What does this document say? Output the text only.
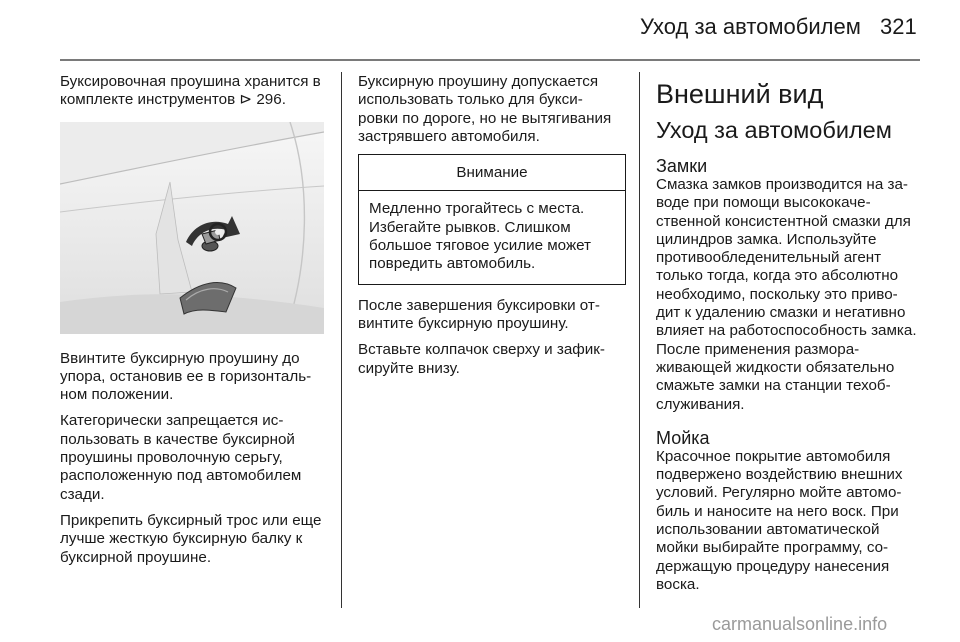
Уход за автомобилем 321

Буксировочная проушина хранится в комплекте инструментов ⊳ 296.

Ввинтите буксирную проушину до упора, остановив ее в горизонталь- ном положении.

Категорически запрещается ис- пользовать в качестве буксирной проушины проволочную серьгу, расположенную под автомобилем сзади.

Прикрепить буксирный трос или еще лучше жесткую буксирную балку к буксирной проушине.

Буксирную проушину допускается использовать только для букси- ровки по дороге, но не вытягивания застрявшего автомобиля.

Внимание
Медленно трогайтесь с места. Избегайте рывков. Слишком большое тяговое усилие может повредить автомобиль.

После завершения буксировки от- винтите буксирную проушину.

Вставьте колпачок сверху и зафик- сируйте внизу.

Внешний вид
Уход за автомобилем
Замки

Смазка замков производится на за- воде при помощи высококаче- ственной консистентной смазки для цилиндров замка. Используйте противообледенительный агент только тогда, когда это абсолютно необходимо, поскольку это приво- дит к удалению смазки и негативно влияет на работоспособность замка. После применения размора- живающей жидкости обязательно смажьте замки на станции техоб- служивания.

Мойка

Красочное покрытие автомобиля подвержено воздействию внешних условий. Регулярно мойте автомо- биль и наносите на него воск. При использовании автоматической мойки выбирайте программу, со- держащую процедуру нанесения воска.

carmanualsonline.info
